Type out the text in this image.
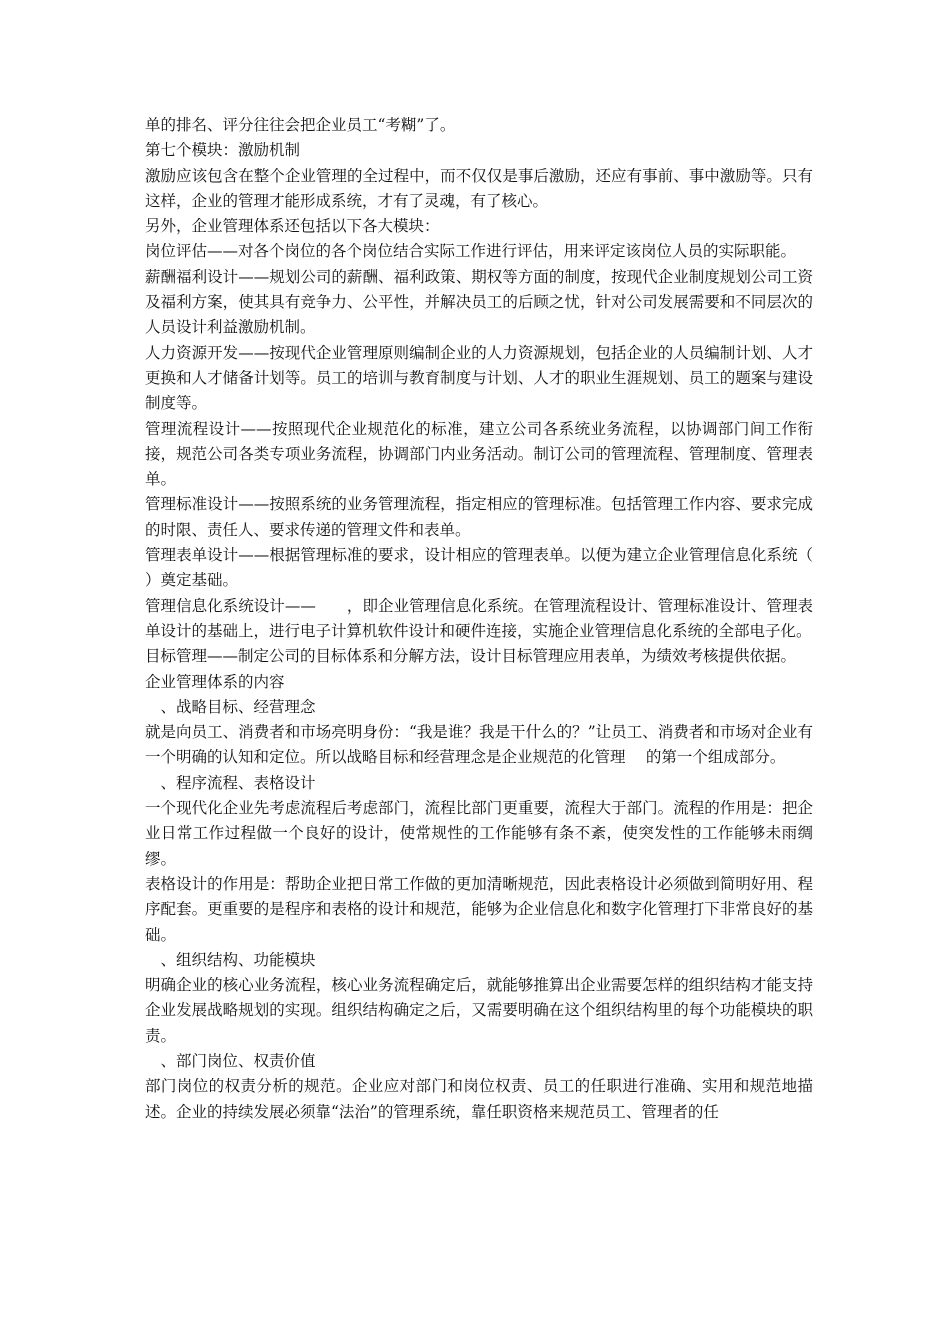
单的排名、评分往往会把企业员工“考糊”了。

第七个模块：激励机制

激励应该包含在整个企业管理的全过程中，而不仅仅是事后激励，还应有事前、事中激励等。只有这样，企业的管理才能形成系统，才有了灵魂，有了核心。

另外，企业管理体系还包括以下各大模块：

岗位评估——对各个岗位的各个岗位结合实际工作进行评估，用来评定该岗位人员的实际职能。

薪酬福利设计——规划公司的薪酬、福利政策、期权等方面的制度，按现代企业制度规划公司工资及福利方案，使其具有竞争力、公平性，并解决员工的后顾之忧，针对公司发展需要和不同层次的人员设计利益激励机制。

人力资源开发——按现代企业管理原则编制企业的人力资源规划，包括企业的人员编制计划、人才更换和人才储备计划等。员工的培训与教育制度与计划、人才的职业生涯规划、员工的题案与建设制度等。

管理流程设计——按照现代企业规范化的标准，建立公司各系统业务流程，以协调部门间工作衔接，规范公司各类专项业务流程，协调部门内业务活动。制订公司的管理流程、管理制度、管理表单。

管理标准设计——按照系统的业务管理流程，指定相应的管理标准。包括管理工作内容、要求完成的时限、责任人、要求传递的管理文件和表单。

管理表单设计——根据管理标准的要求，设计相应的管理表单。以便为建立企业管理信息化系统（　　）奠定基础。

管理信息化系统设计——　　，即企业管理信息化系统。在管理流程设计、管理标准设计、管理表单设计的基础上，进行电子计算机软件设计和硬件连接，实施企业管理信息化系统的全部电子化。

目标管理——制定公司的目标体系和分解方法，设计目标管理应用表单，为绩效考核提供依据。

企业管理体系的内容

　、战略目标、经营理念

就是向员工、消费者和市场亮明身份：“我是谁？我是干什么的？”让员工、消费者和市场对企业有一个明确的认知和定位。所以战略目标和经营理念是企业规范的化管理　 的第一个组成部分。

　、程序流程、表格设计

一个现代化企业先考虑流程后考虑部门，流程比部门更重要，流程大于部门。流程的作用是：把企业日常工作过程做一个良好的设计，使常规性的工作能够有条不紊，使突发性的工作能够未雨绸缪。

表格设计的作用是：帮助企业把日常工作做的更加清晰规范，因此表格设计必须做到简明好用、程序配套。更重要的是程序和表格的设计和规范，能够为企业信息化和数字化管理打下非常良好的基础。

　、组织结构、功能模块

明确企业的核心业务流程，核心业务流程确定后，就能够推算出企业需要怎样的组织结构才能支持企业发展战略规划的实现。组织结构确定之后，又需要明确在这个组织结构里的每个功能模块的职责。

　、部门岗位、权责价值

部门岗位的权责分析的规范。企业应对部门和岗位权责、员工的任职进行准确、实用和规范地描述。企业的持续发展必须靠“法治”的管理系统，靠任职资格来规范员工、管理者的任
